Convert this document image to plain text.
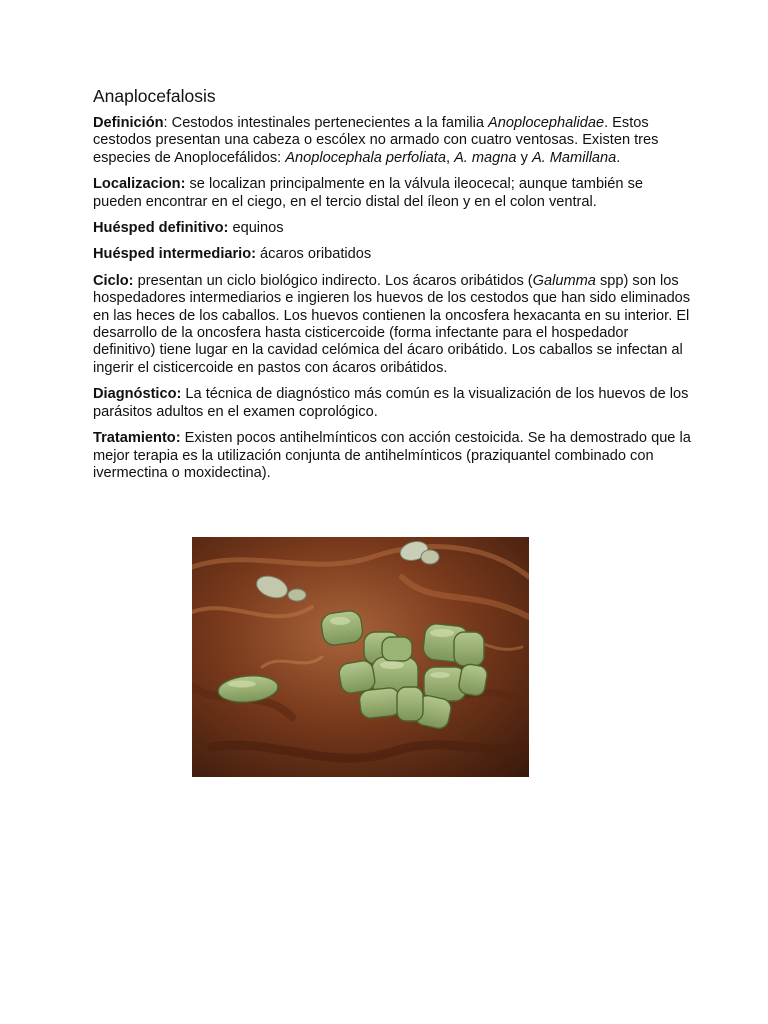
Anaplocefalosis

Definición: Cestodos intestinales pertenecientes a la familia Anoplocephalidae. Estos cestodos presentan una cabeza o escólex no armado con cuatro ventosas. Existen tres especies de Anoplocefálidos: Anoplocephala perfoliata, A. magna y A. Mamillana.

Localizacion: se localizan principalmente en la válvula ileocecal; aunque también se pueden encontrar en el ciego, en el tercio distal del íleon y en el colon ventral.

Huésped definitivo: equinos

Huésped intermediario: ácaros oribatidos

Ciclo: presentan un ciclo biológico indirecto. Los ácaros oribátidos (Galumma spp) son los hospedadores intermediarios e ingieren los huevos de los cestodos que han sido eliminados en las heces de los caballos. Los huevos contienen la oncosfera hexacanta en su interior. El desarrollo de la oncosfera hasta cisticercoide (forma infectante para el hospedador definitivo) tiene lugar en la cavidad celómica del ácaro oribátido. Los caballos se infectan al ingerir el cisticercoide en pastos con ácaros oribátidos.

Diagnóstico: La técnica de diagnóstico más común es la visualización de los huevos de los parásitos adultos en el examen coprológico.

Tratamiento: Existen pocos antihelmínticos con acción cestoicida. Se ha demostrado que la mejor terapia es la utilización conjunta de antihelmínticos (praziquantel combinado con ivermectina o moxidectina).
